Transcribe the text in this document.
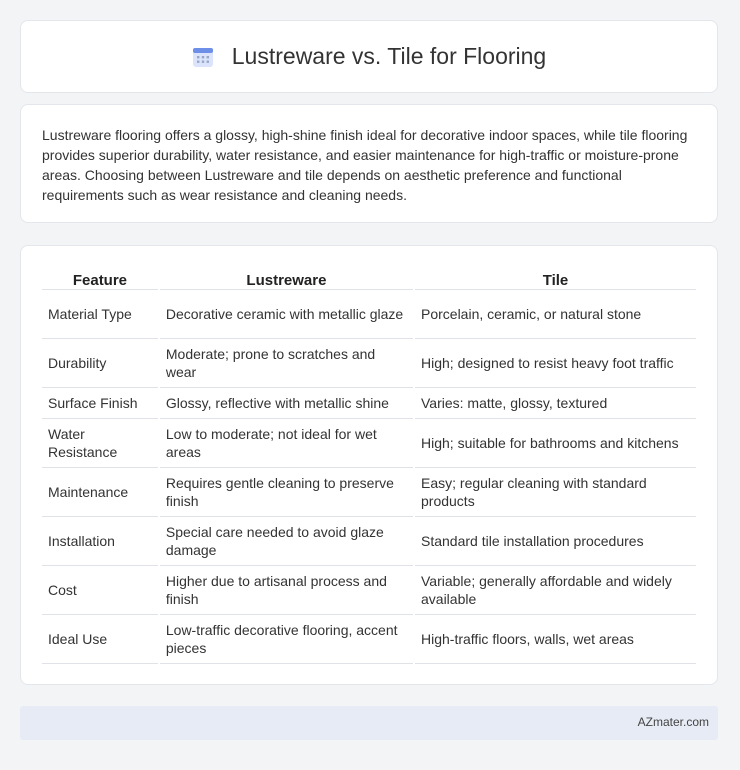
Lustreware vs. Tile for Flooring

Lustreware flooring offers a glossy, high-shine finish ideal for decorative indoor spaces, while tile flooring provides superior durability, water resistance, and easier maintenance for high-traffic or moisture-prone areas. Choosing between Lustreware and tile depends on aesthetic preference and functional requirements such as wear resistance and cleaning needs.

Feature	Lustreware	Tile
Material Type	Decorative ceramic with metallic glaze	Porcelain, ceramic, or natural stone
Durability	Moderate; prone to scratches and wear	High; designed to resist heavy foot traffic
Surface Finish	Glossy, reflective with metallic shine	Varies: matte, glossy, textured
Water Resistance	Low to moderate; not ideal for wet areas	High; suitable for bathrooms and kitchens
Maintenance	Requires gentle cleaning to preserve finish	Easy; regular cleaning with standard products
Installation	Special care needed to avoid glaze damage	Standard tile installation procedures
Cost	Higher due to artisanal process and finish	Variable; generally affordable and widely available
Ideal Use	Low-traffic decorative flooring, accent pieces	High-traffic floors, walls, wet areas
AZmater.com
